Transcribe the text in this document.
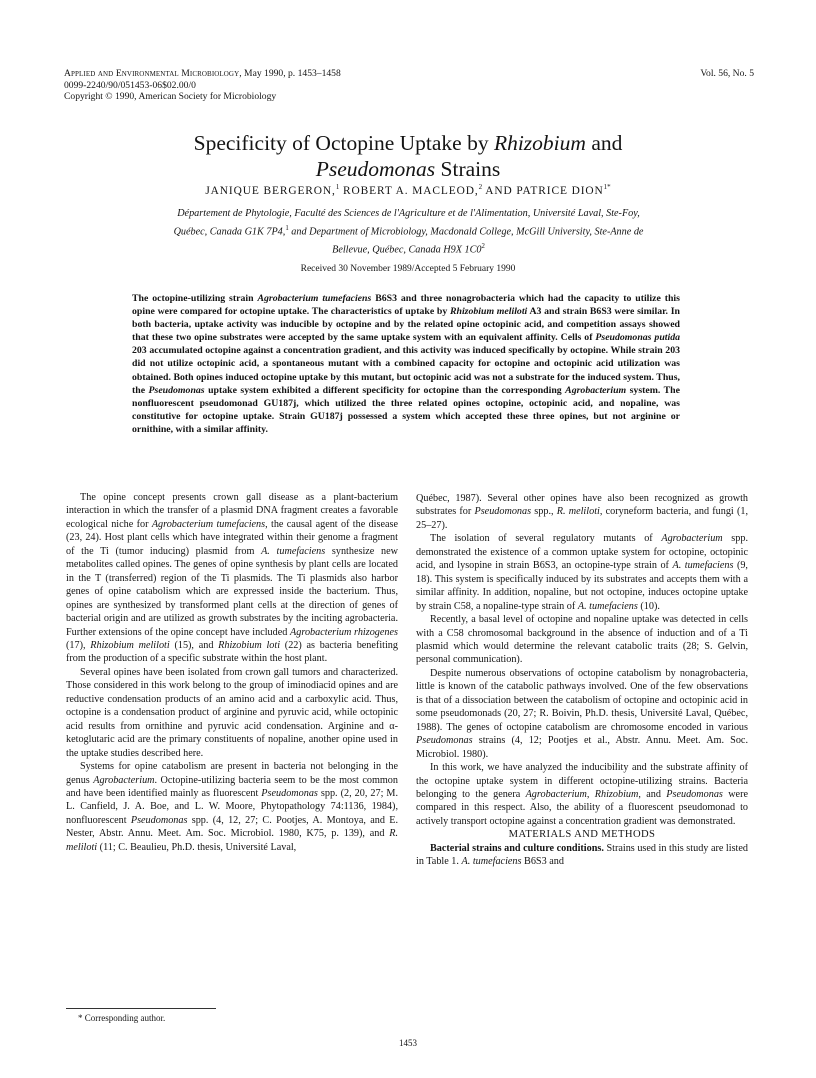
Applied and Environmental Microbiology, May 1990, p. 1453–1458
0099-2240/90/051453-06$02.00/0
Copyright © 1990, American Society for Microbiology
Vol. 56, No. 5
Specificity of Octopine Uptake by Rhizobium and
Pseudomonas Strains
JANIQUE BERGERON,$^1$ ROBERT A. MACLEOD,$^2$ AND PATRICE $DION^{1*}$
Département de Phytologie, Faculté des Sciences de l'Agriculture et de l'Alimentation, Université Laval, Ste-Foy,
Québec, Canada G1K 7P4,$^1$ and Department of Microbiology, Macdonald College, McGill University, Ste-Anne de
Bellevue, Québec, Canada H9X $1C0^2$
Received 30 November 1989/Accepted 5 February 1990

The octopine-utilizing strain Agrobacterium tumefaciens B6S3 and three nonagrobacteria which had the capacity to utilize this opine were compared for octopine uptake. The characteristics of uptake by Rhizobium meliloti A3 and strain B6S3 were similar. In both bacteria, uptake activity was inducible by octopine and by the related opine octopinic acid, and competition assays showed that these two opine substrates were accepted by the same uptake system with an equivalent affinity. Cells of Pseudomonas putida 203 accumulated octopine against a concentration gradient, and this activity was induced specifically by octopine. While strain 203 did not utilize octopinic acid, a spontaneous mutant with a combined capacity for octopine and octopinic acid utilization was obtained. Both opines induced octopine uptake by this mutant, but octopinic acid was not a substrate for the induced system. Thus, the Pseudomonas uptake system exhibited a different specificity for octopine than the corresponding Agrobacterium system. The nonfluorescent pseudomonad GU187j, which utilized the three related opines octopine, octopinic acid, and nopaline, was constitutive for octopine uptake. Strain GU187j possessed a system which accepted these three opines, but not arginine or ornithine, with a similar affinity.

The opine concept presents crown gall disease as a plant-bacterium interaction in which the transfer of a plasmid DNA fragment creates a favorable ecological niche for Agrobacterium tumefaciens, the causal agent of the disease (23, 24). Host plant cells which have integrated within their genome a fragment of the Ti (tumor inducing) plasmid from A. tumefaciens synthesize new metabolites called opines. The genes of opine synthesis by plant cells are located in the T (transferred) region of the Ti plasmids. The Ti plasmids also harbor genes of opine catabolism which are expressed inside the bacterium. Thus, opines are synthesized by transformed plant cells at the direction of genes of bacterial origin and are utilized as growth substrates by the inciting agrobacteria. Further extensions of the opine concept have included Agrobacterium rhizogenes (17), Rhizobium meliloti (15), and Rhizobium loti (22) as bacteria benefiting from the production of a specific substrate within the host plant.

Several opines have been isolated from crown gall tumors and characterized. Those considered in this work belong to the group of iminodiacid opines and are reductive condensation products of an amino acid and a carboxylic acid. Thus, octopine is a condensation product of arginine and pyruvic acid, while octopinic acid results from ornithine and pyruvic acid condensation. Arginine and α-ketoglutaric acid are the primary constituents of nopaline, another opine used in the uptake studies described here.

Systems for opine catabolism are present in bacteria not belonging in the genus Agrobacterium. Octopine-utilizing bacteria seem to be the most common and have been identified mainly as fluorescent Pseudomonas spp. (2, 20, 27; M. L. Canfield, J. A. Boe, and L. W. Moore, Phytopathology 74:1136, 1984), nonfluorescent Pseudomonas spp. (4, 12, 27; C. Pootjes, A. Montoya, and E. Nester, Abstr. Annu. Meet. Am. Soc. Microbiol. 1980, K75, p. 139), and R. meliloti (11; C. Beaulieu, Ph.D. thesis, Université Laval,

Québec, 1987). Several other opines have also been recognized as growth substrates for Pseudomonas spp., R. meliloti, coryneform bacteria, and fungi (1, 25–27).

The isolation of several regulatory mutants of Agrobacterium spp. demonstrated the existence of a common uptake system for octopine, octopinic acid, and lysopine in strain B6S3, an octopine-type strain of A. tumefaciens (9, 18). This system is specifically induced by its substrates and accepts them with a similar affinity. In addition, nopaline, but not octopine, induces octopine uptake by strain C58, a nopaline-type strain of A. tumefaciens (10).

Recently, a basal level of octopine and nopaline uptake was detected in cells with a C58 chromosomal background in the absence of induction and of a Ti plasmid which would determine the relevant catabolic traits (28; S. Gelvin, personal communication).

Despite numerous observations of octopine catabolism by nonagrobacteria, little is known of the catabolic pathways involved. One of the few observations is that of a dissociation between the catabolism of octopine and octopinic acid in some pseudomonads (20, 27; R. Boivin, Ph.D. thesis, Université Laval, Québec, 1988). The genes of octopine catabolism are chromosome encoded in various Pseudomonas strains (4, 12; Pootjes et al., Abstr. Annu. Meet. Am. Soc. Microbiol. 1980).

In this work, we have analyzed the inducibility and the substrate affinity of the octopine uptake system in different octopine-utilizing strains. Bacteria belonging to the genera Agrobacterium, Rhizobium, and Pseudomonas were compared in this respect. Also, the ability of a fluorescent pseudomonad to actively transport octopine against a concentration gradient was demonstrated.

MATERIALS AND METHODS

Bacterial strains and culture conditions. Strains used in this study are listed in Table 1. A. tumefaciens B6S3 and

* Corresponding author.
1453
